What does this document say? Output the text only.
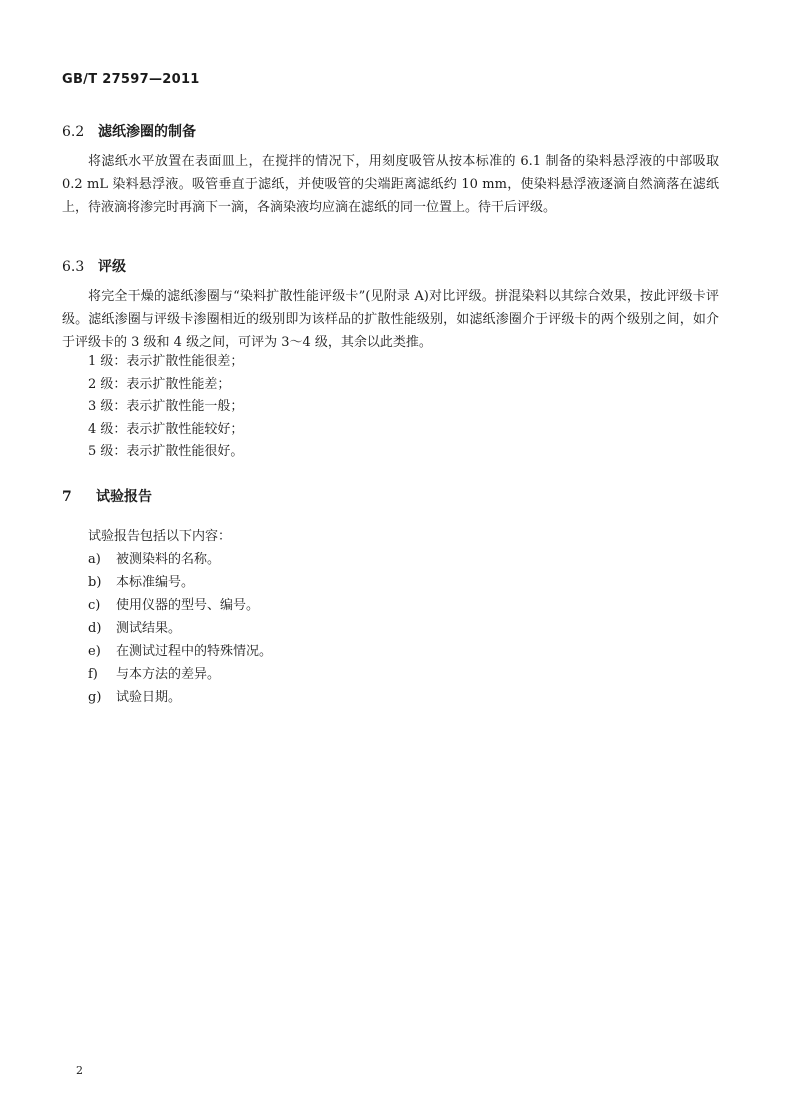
GB/T 27597—2011
6.2 滤纸渗圈的制备

将滤纸水平放置在表面皿上，在搅拌的情况下，用刻度吸管从按本标准的 6.1 制备的染料悬浮液的中部吸取 0.2 mL 染料悬浮液。吸管垂直于滤纸，并使吸管的尖端距离滤纸约 10 mm，使染料悬浮液逐滴自然滴落在滤纸上，待液滴将渗完时再滴下一滴，各滴染液均应滴在滤纸的同一位置上。待干后评级。

6.3 评级

将完全干燥的滤纸渗圈与“染料扩散性能评级卡”(见附录 A)对比评级。拼混染料以其综合效果，按此评级卡评级。滤纸渗圈与评级卡渗圈相近的级别即为该样品的扩散性能级别，如滤纸渗圈介于评级卡的两个级别之间，如介于评级卡的 3 级和 4 级之间，可评为 3～4 级，其余以此类推。

1 级：表示扩散性能很差；
2 级：表示扩散性能差；
3 级：表示扩散性能一般；
4 级：表示扩散性能较好；
5 级：表示扩散性能很好。
7 试验报告
试验报告包括以下内容：
a) 被测染料的名称。
b) 本标准编号。
c) 使用仪器的型号、编号。
d) 测试结果。
e) 在测试过程中的特殊情况。
f) 与本方法的差异。
g) 试验日期。
2
